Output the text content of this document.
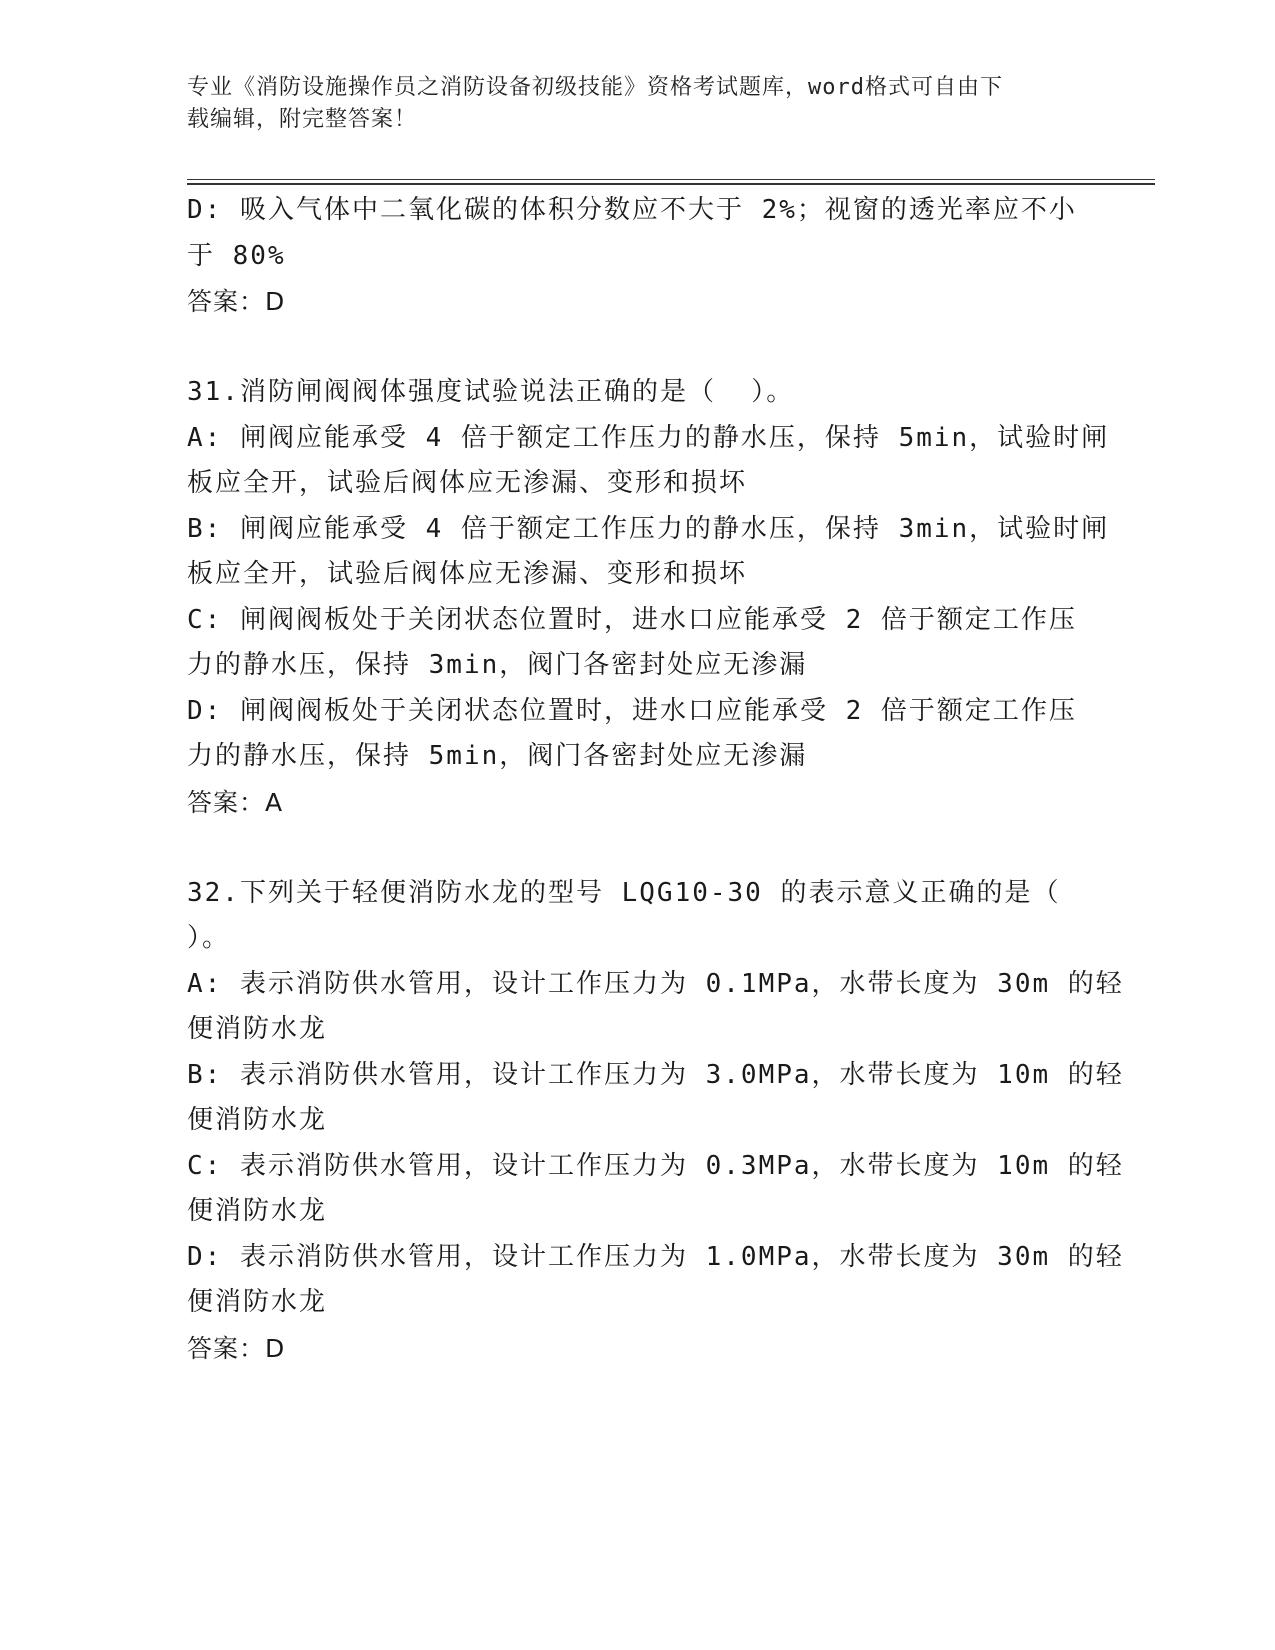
专业《消防设施操作员之消防设备初级技能》资格考试题库，word格式可自由下
载编辑，附完整答案！
D: 吸入气体中二氧化碳的体积分数应不大于 2%；视窗的透光率应不小
于 80%
答案：D
31.消防闸阀阀体强度试验说法正确的是（  ）。
A: 闸阀应能承受 4 倍于额定工作压力的静水压，保持 5min，试验时闸
板应全开，试验后阀体应无渗漏、变形和损坏
B: 闸阀应能承受 4 倍于额定工作压力的静水压，保持 3min，试验时闸
板应全开，试验后阀体应无渗漏、变形和损坏
C: 闸阀阀板处于关闭状态位置时，进水口应能承受 2 倍于额定工作压
力的静水压，保持 3min，阀门各密封处应无渗漏
D: 闸阀阀板处于关闭状态位置时，进水口应能承受 2 倍于额定工作压
力的静水压，保持 5min，阀门各密封处应无渗漏
答案：A
32.下列关于轻便消防水龙的型号 LQG10-30 的表示意义正确的是（
）。
A: 表示消防供水管用，设计工作压力为 0.1MPa，水带长度为 30m 的轻
便消防水龙
B: 表示消防供水管用，设计工作压力为 3.0MPa，水带长度为 10m 的轻
便消防水龙
C: 表示消防供水管用，设计工作压力为 0.3MPa，水带长度为 10m 的轻
便消防水龙
D: 表示消防供水管用，设计工作压力为 1.0MPa，水带长度为 30m 的轻
便消防水龙
答案：D
